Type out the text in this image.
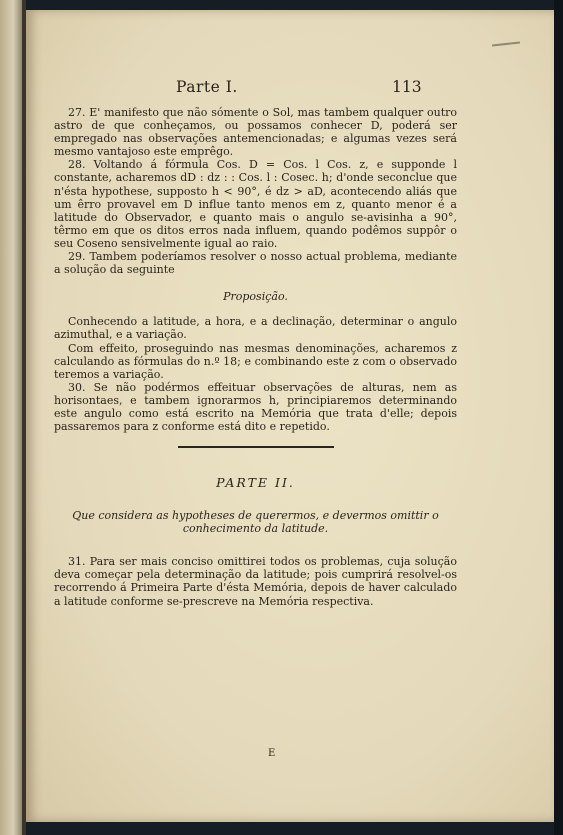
Parte I.	113

27. E' manifesto que não sómente o Sol, mas tambem qualquer outro astro de que conheçamos, ou possamos conhecer D, poderá ser empregado nas observações antemencionadas; e algumas vezes será mesmo vantajoso este emprêgo.

28. Voltando á fórmula Cos. D = Cos. l Cos. z, e supponde l constante, acharemos dD : dz : : Cos. l : Cosec. h; d'onde seconclue que n'ésta hypothese, supposto h < 90°, é dz > aD, acontecendo aliás que um êrro provavel em D influe tanto menos em z, quanto menor é a latitude do Observador, e quanto mais o angulo se-avisinha a 90°, têrmo em que os ditos erros nada influem, quando podêmos suppôr o seu Coseno sensivelmente igual ao raio.

29. Tambem poderíamos resolver o nosso actual problema, mediante a solução da seguinte

Proposição.

Conhecendo a latitude, a hora, e a declinação, determinar o angulo azimuthal, e a variação.

Com effeito, proseguindo nas mesmas denominações, acharemos z calculando as fórmulas do n.º 18; e combinando este z com o observado teremos a variação.

30. Se não podérmos effeituar observações de alturas, nem as horisontaes, e tambem ignorarmos h, principiaremos determinando este angulo como está escrito na Memória que trata d'elle; depois passaremos para z conforme está dito e repetido.

PARTE II.
Que considera as hypotheses de querermos, e devermos omittir o conhecimento da latitude.

31. Para ser mais conciso omittirei todos os problemas, cuja solução deva começar pela determinação da latitude; pois cumprirá resolvel-os recorrendo á Primeira Parte d'ésta Memória, depois de haver calculado a latitude conforme se-prescreve na Memória respectiva.

E
